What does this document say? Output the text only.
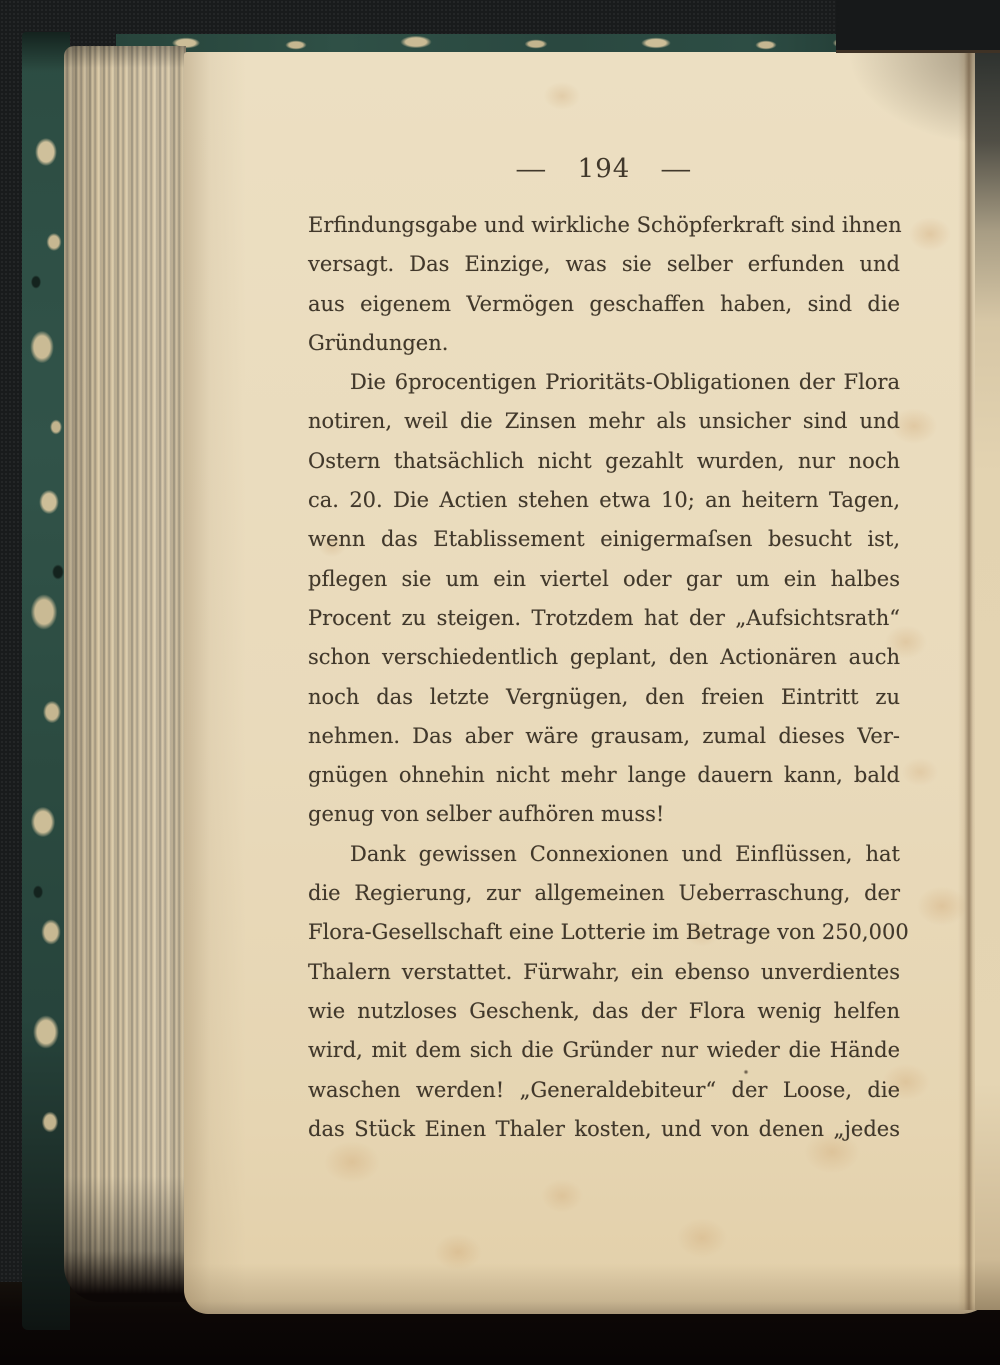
— 194 —
Erfindungsgabe und wirkliche Schöpferkraft sind ihnen
versagt. Das Einzige, was sie selber erfunden und
aus eigenem Vermögen geschaffen haben, sind die
Gründungen.
Die 6procentigen Prioritäts-Obligationen der Flora
notiren, weil die Zinsen mehr als unsicher sind und
Ostern thatsächlich nicht gezahlt wurden, nur noch
ca. 20. Die Actien stehen etwa 10; an heitern Tagen,
wenn das Etablissement einigermaſsen besucht ist,
pflegen sie um ein viertel oder gar um ein halbes
Procent zu steigen. Trotzdem hat der „Aufsichtsrath“
schon verschiedentlich geplant, den Actionären auch
noch das letzte Vergnügen, den freien Eintritt zu
nehmen. Das aber wäre grausam, zumal dieses Ver-
gnügen ohnehin nicht mehr lange dauern kann, bald
genug von selber aufhören muss!
Dank gewissen Connexionen und Einflüssen, hat
die Regierung, zur allgemeinen Ueberraschung, der
Flora-Gesellschaft eine Lotterie im Betrage von 250,000
Thalern verstattet. Fürwahr, ein ebenso unverdientes
wie nutzloses Geschenk, das der Flora wenig helfen
wird, mit dem sich die Gründer nur wieder die Hände
waschen werden! „Generaldebiteur“ der Loose, die
das Stück Einen Thaler kosten, und von denen „jedes
